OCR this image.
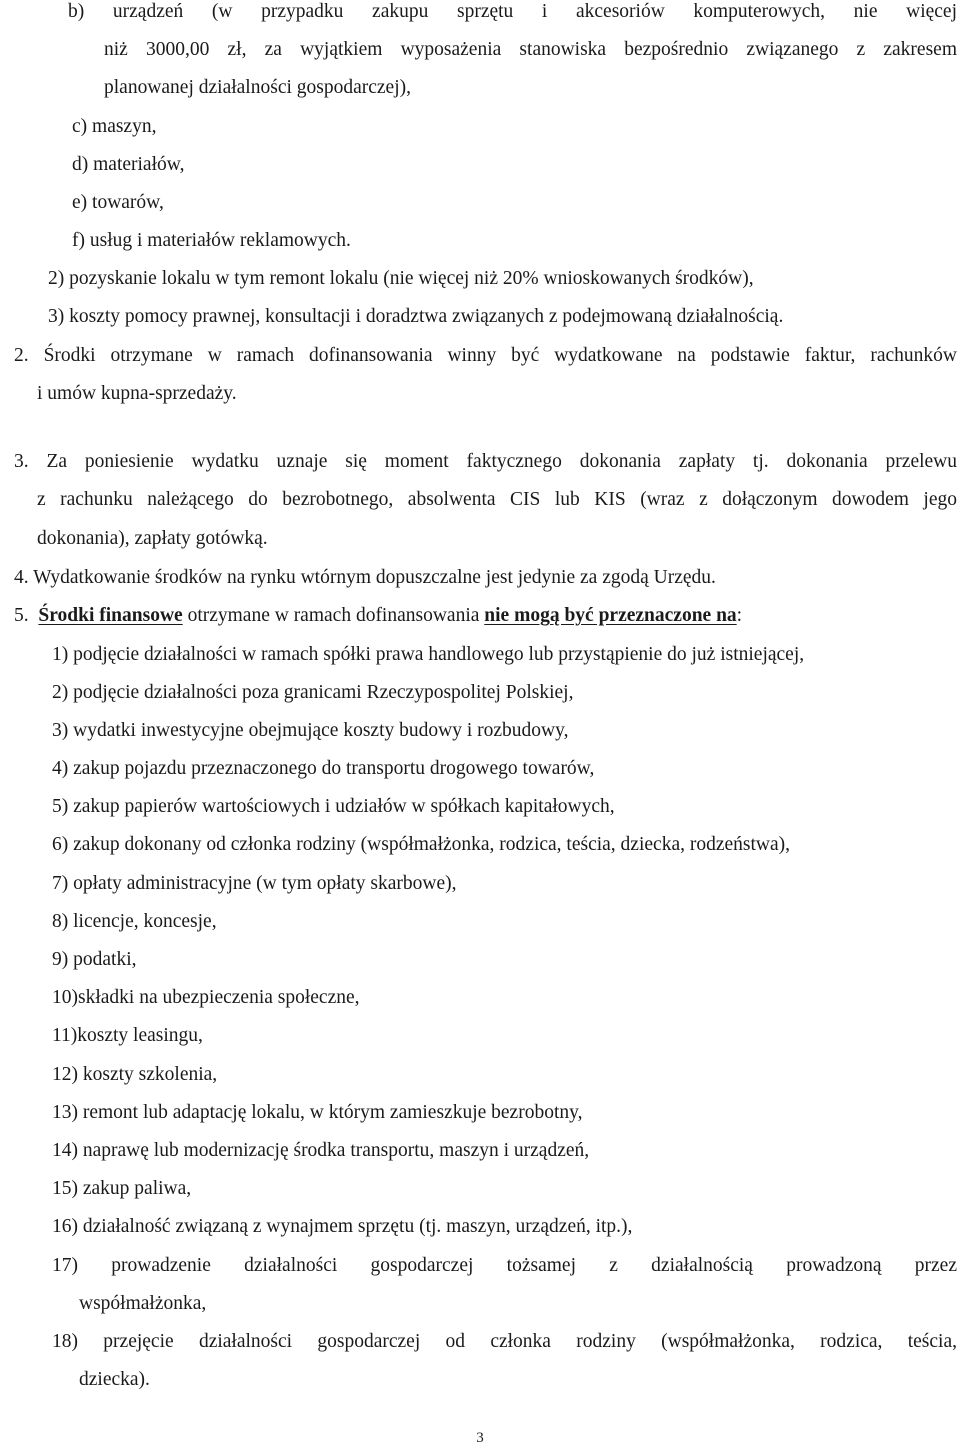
b) urządzeń (w przypadku zakupu sprzętu i akcesoriów komputerowych, nie więcej
niż 3000,00 zł, za wyjątkiem wyposażenia stanowiska bezpośrednio związanego z zakresem
planowanej działalności gospodarczej),
c) maszyn,
d) materiałów,
e) towarów,
f) usług i materiałów reklamowych.
2) pozyskanie lokalu w tym remont lokalu (nie więcej niż 20% wnioskowanych środków),
3) koszty pomocy prawnej, konsultacji i doradztwa związanych z podejmowaną działalnością.
2. Środki otrzymane w ramach dofinansowania winny być wydatkowane na podstawie faktur, rachunków
i umów kupna-sprzedaży.
3. Za poniesienie wydatku uznaje się moment faktycznego dokonania zapłaty tj. dokonania przelewu
z rachunku należącego do bezrobotnego, absolwenta CIS lub KIS (wraz z dołączonym dowodem jego
dokonania), zapłaty gotówką.
4. Wydatkowanie środków na rynku wtórnym dopuszczalne jest jedynie za zgodą Urzędu.
5. Środki finansowe otrzymane w ramach dofinansowania nie mogą być przeznaczone na:
1) podjęcie działalności w ramach spółki prawa handlowego lub przystąpienie do już istniejącej,
2) podjęcie działalności poza granicami Rzeczypospolitej Polskiej,
3) wydatki inwestycyjne obejmujące koszty budowy i rozbudowy,
4) zakup pojazdu przeznaczonego do transportu drogowego towarów,
5) zakup papierów wartościowych i udziałów w spółkach kapitałowych,
6) zakup dokonany od członka rodziny (współmałżonka, rodzica, teścia, dziecka, rodzeństwa),
7) opłaty administracyjne (w tym opłaty skarbowe),
8) licencje, koncesje,
9) podatki,
10)składki na ubezpieczenia społeczne,
11)koszty leasingu,
12) koszty szkolenia,
13) remont lub adaptację lokalu, w którym zamieszkuje bezrobotny,
14) naprawę lub modernizację środka transportu, maszyn i urządzeń,
15) zakup paliwa,
16) działalność związaną z wynajmem sprzętu (tj. maszyn, urządzeń, itp.),
17) prowadzenie działalności gospodarczej tożsamej z działalnością prowadzoną przez
współmałżonka,
18) przejęcie działalności gospodarczej od członka rodziny (współmałżonka, rodzica, teścia,
dziecka).
3
